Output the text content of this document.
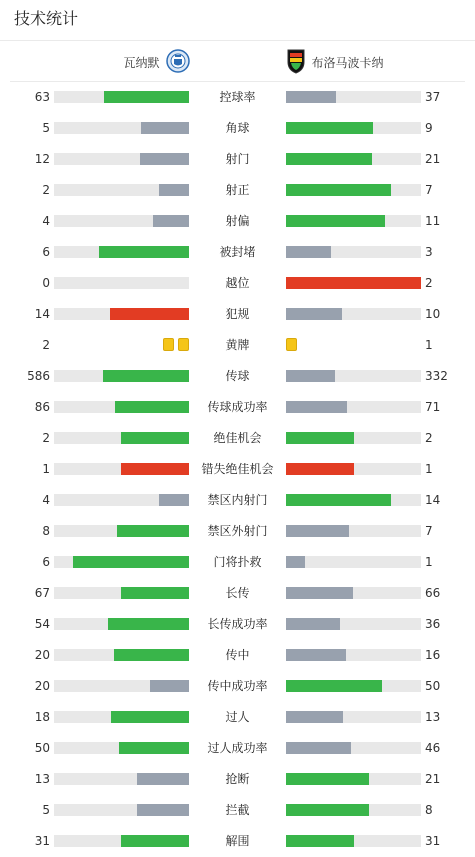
技术统计
瓦纳默	布洛马波卡纳
63	控球率	37
5	角球	9
12	射门	21
2	射正	7
4	射偏	11
6	被封堵	3
0	越位	2
14	犯规	10
2	黄牌	1
586	传球	332
86	传球成功率	71
2	绝佳机会	2
1	错失绝佳机会	1
4	禁区内射门	14
8	禁区外射门	7
6	门将扑救	1
67	长传	66
54	长传成功率	36
20	传中	16
20	传中成功率	50
18	过人	13
50	过人成功率	46
13	抢断	21
5	拦截	8
31	解围	31
